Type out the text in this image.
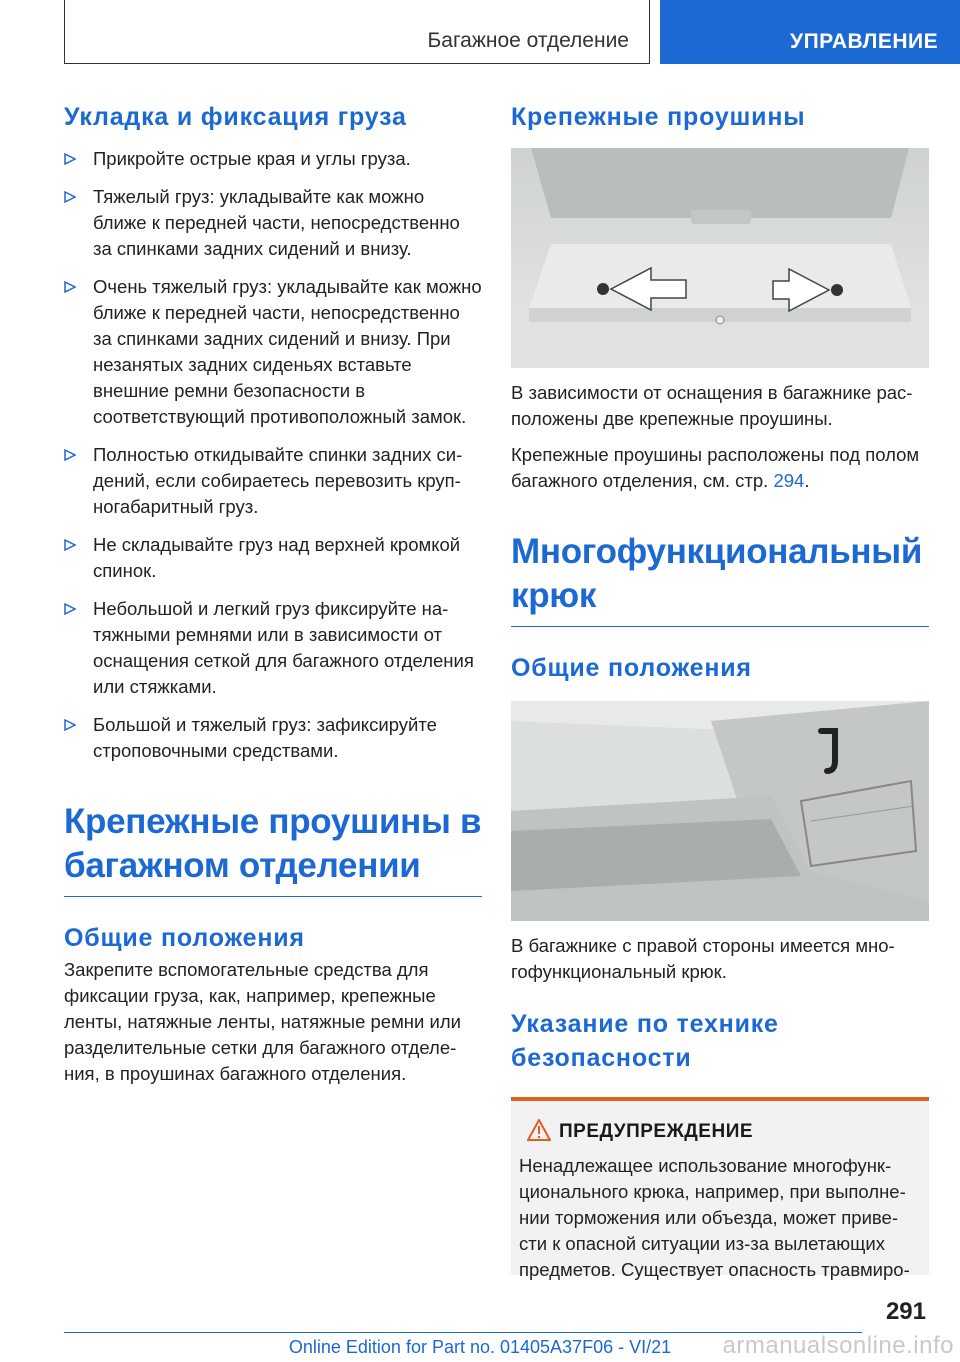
Багажное отделение	УПРАВЛЕНИЕ
Укладка и фиксация груза
Прикройте острые края и углы груза.
Тяжелый груз: укладывайте как можно ближе к передней части, непосредственно за спинками задних сидений и внизу.
Очень тяжелый груз: укладывайте как можно ближе к передней части, непосредственно за спинками задних сидений и внизу. При незанятых задних сиденьях вставьте внешние ремни безопасности в соответствующий противоположный замок.
Полностью откидывайте спинки задних сидений, если собираетесь перевозить крупногабаритный груз.
Не складывайте груз над верхней кромкой спинок.
Небольшой и легкий груз фиксируйте натяжными ремнями или в зависимости от оснащения сеткой для багажного отделения или стяжками.
Большой и тяжелый груз: зафиксируйте строповочными средствами.
Крепежные проушины в багажном отделении
Общие положения

Закрепите вспомогательные средства для фиксации груза, как, например, крепежные ленты, натяжные ленты, натяжные ремни или разделительные сетки для багажного отделения, в проушинах багажного отделения.

Крепежные проушины

В зависимости от оснащения в багажнике расположены две крепежные проушины.

Крепежные проушины расположены под полом багажного отделения, см. стр. 294.

Многофункциональный крюк
Общие положения

В багажнике с правой стороны имеется многофункциональный крюк.

Указание по технике безопасности
ПРЕДУПРЕЖДЕНИЕ
Ненадлежащее использование многофункционального крюка, например, при выполнении торможения или объезда, может привести к опасной ситуации из-за вылетающих предметов. Существует опасность травмиро-
291
Online Edition for Part no. 01405A37F06 - VI/21	armanualsonline.info
